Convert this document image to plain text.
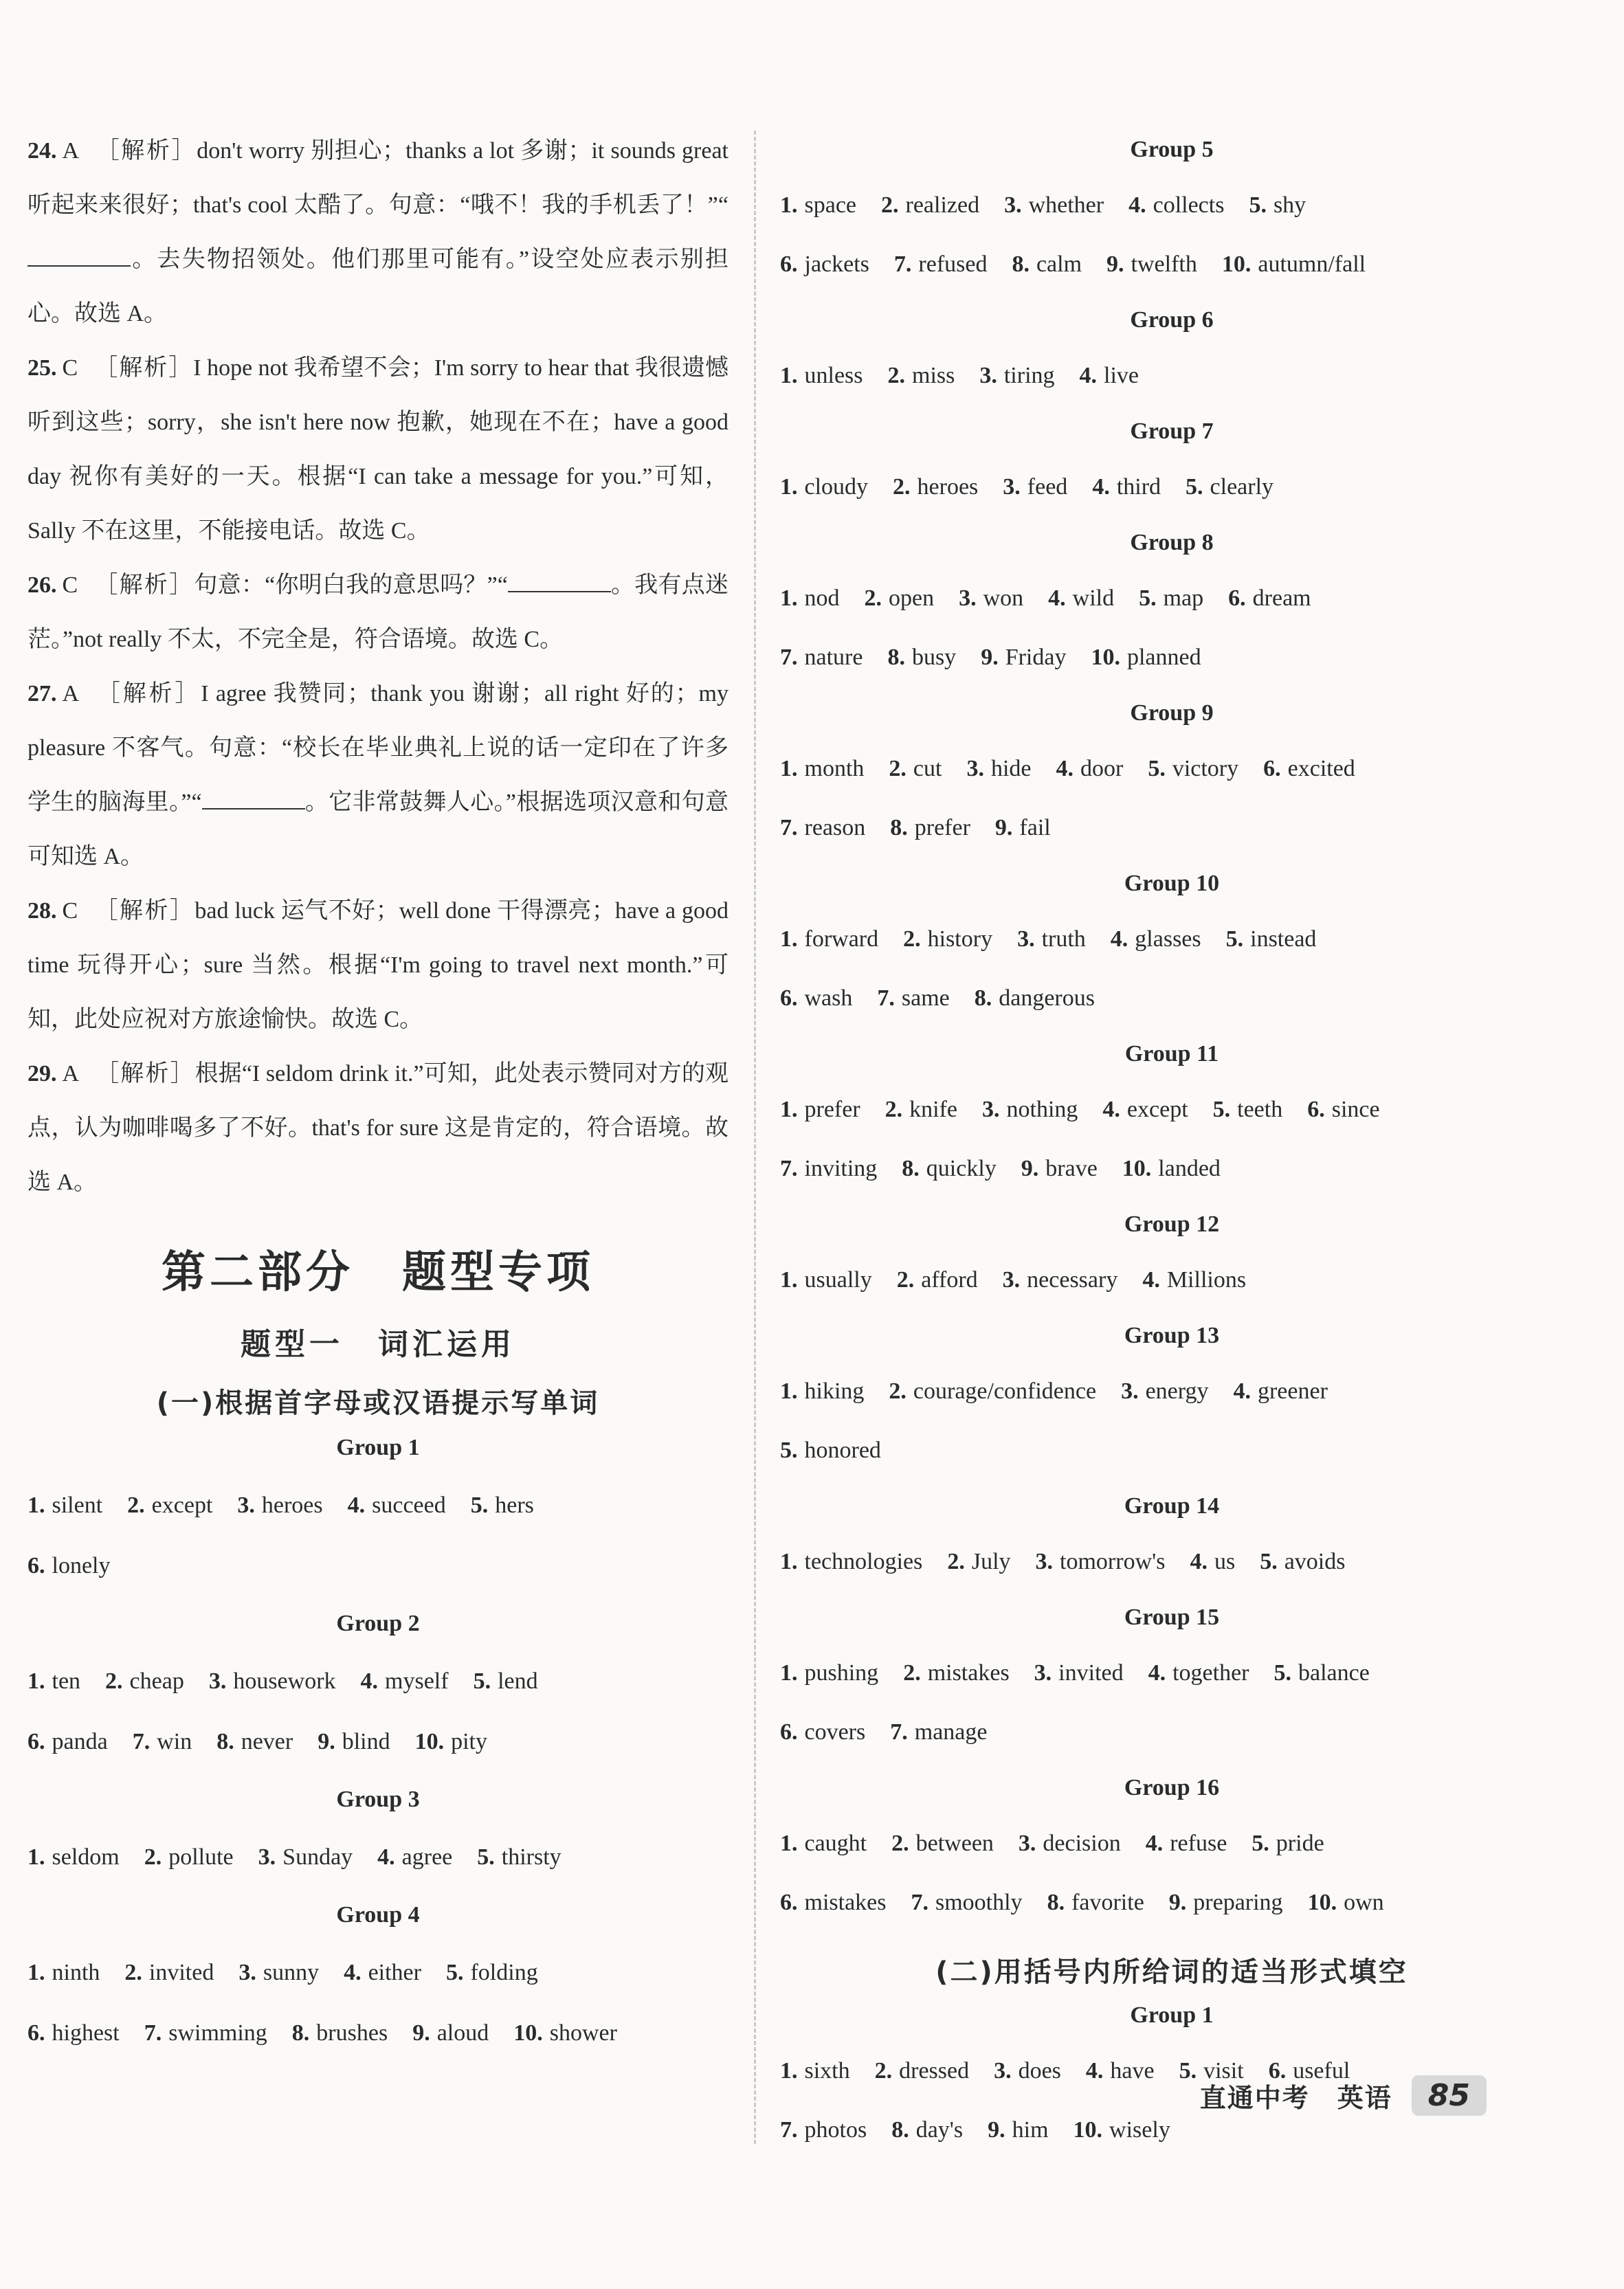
24. A ［解析］don't worry 别担心；thanks a lot 多谢；it sounds great 听起来来很好；that's cool 太酷了。句意：“哦不！我的手机丢了！”“。去失物招领处。他们那里可能有。”设空处应表示别担心。故选 A。
25. C ［解析］I hope not 我希望不会；I'm sorry to hear that 我很遗憾听到这些；sorry，she isn't here now 抱歉，她现在不在；have a good day 祝你有美好的一天。根据“I can take a message for you.”可知，Sally 不在这里，不能接电话。故选 C。
26. C ［解析］句意：“你明白我的意思吗？”“	。我有点迷茫。”not really 不太，不完全是，符合语境。故选 C。
27. A ［解析］I agree 我赞同；thank you 谢谢；all right 好的；my pleasure 不客气。句意：“校长在毕业典礼上说的话一定印在了许多学生的脑海里。”“	。它非常鼓舞人心。”根据选项汉意和句意可知选 A。
28. C ［解析］bad luck 运气不好；well done 干得漂亮；have a good time 玩得开心；sure 当然。根据“I'm going to travel next month.”可知，此处应祝对方旅途愉快。故选 C。
29. A ［解析］根据“I seldom drink it.”可知，此处表示赞同对方的观点，认为咖啡喝多了不好。that's for sure 这是肯定的，符合语境。故选 A。
第二部分　题型专项
题型一　词汇运用
(一)根据首字母或汉语提示写单词
Group 1
1. silent 2. except 3. heroes 4. succeed 5. hers
6. lonely
Group 2
1. ten 2. cheap 3. housework 4. myself 5. lend
6. panda 7. win 8. never 9. blind 10. pity
Group 3
1. seldom 2. pollute 3. Sunday 4. agree 5. thirsty
Group 4
1. ninth 2. invited 3. sunny 4. either 5. folding
6. highest 7. swimming 8. brushes 9. aloud 10. shower
Group 5
1. space 2. realized 3. whether 4. collects 5. shy
6. jackets 7. refused 8. calm 9. twelfth 10. autumn/fall
Group 6
1. unless 2. miss 3. tiring 4. live
Group 7
1. cloudy 2. heroes 3. feed 4. third 5. clearly
Group 8
1. nod 2. open 3. won 4. wild 5. map 6. dream
7. nature 8. busy 9. Friday 10. planned
Group 9
1. month 2. cut 3. hide 4. door 5. victory 6. excited
7. reason 8. prefer 9. fail
Group 10
1. forward 2. history 3. truth 4. glasses 5. instead
6. wash 7. same 8. dangerous
Group 11
1. prefer 2. knife 3. nothing 4. except 5. teeth 6. since
7. inviting 8. quickly 9. brave 10. landed
Group 12
1. usually 2. afford 3. necessary 4. Millions
Group 13
1. hiking 2. courage/confidence 3. energy 4. greener
5. honored
Group 14
1. technologies 2. July 3. tomorrow's 4. us 5. avoids
Group 15
1. pushing 2. mistakes 3. invited 4. together 5. balance
6. covers 7. manage
Group 16
1. caught 2. between 3. decision 4. refuse 5. pride
6. mistakes 7. smoothly 8. favorite 9. preparing 10. own
(二)用括号内所给词的适当形式填空
Group 1
1. sixth 2. dressed 3. does 4. have 5. visit 6. useful
7. photos 8. day's 9. him 10. wisely
直通中考　英语	85
